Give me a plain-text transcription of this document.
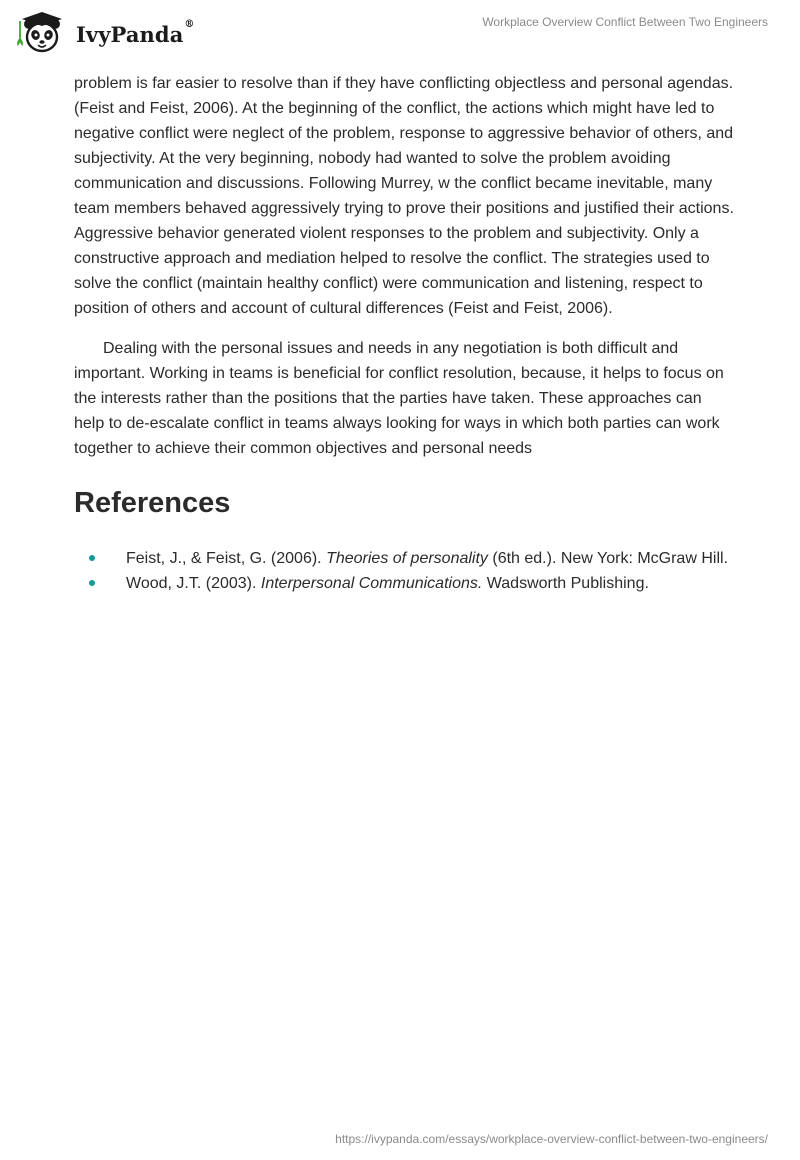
IvyPanda®	Workplace Overview Conflict Between Two Engineers

problem is far easier to resolve than if they have conflicting objectless and personal agendas.(Feist and Feist, 2006). At the beginning of the conflict, the actions which might have led to negative conflict were neglect of the problem, response to aggressive behavior of others, and subjectivity. At the very beginning, nobody had wanted to solve the problem avoiding communication and discussions. Following Murrey, w the conflict became inevitable, many team members behaved aggressively trying to prove their positions and justified their actions. Aggressive behavior generated violent responses to the problem and subjectivity. Only a constructive approach and mediation helped to resolve the conflict. The strategies used to solve the conflict (maintain healthy conflict) were communication and listening, respect to position of others and account of cultural differences (Feist and Feist, 2006).

Dealing with the personal issues and needs in any negotiation is both difficult and important. Working in teams is beneficial for conflict resolution, because, it helps to focus on the interests rather than the positions that the parties have taken. These approaches can help to de-escalate conflict in teams always looking for ways in which both parties can work together to achieve their common objectives and personal needs

References
Feist, J., & Feist, G. (2006). Theories of personality (6th ed.). New York: McGraw Hill.
Wood, J.T. (2003). Interpersonal Communications. Wadsworth Publishing.
https://ivypanda.com/essays/workplace-overview-conflict-between-two-engineers/
